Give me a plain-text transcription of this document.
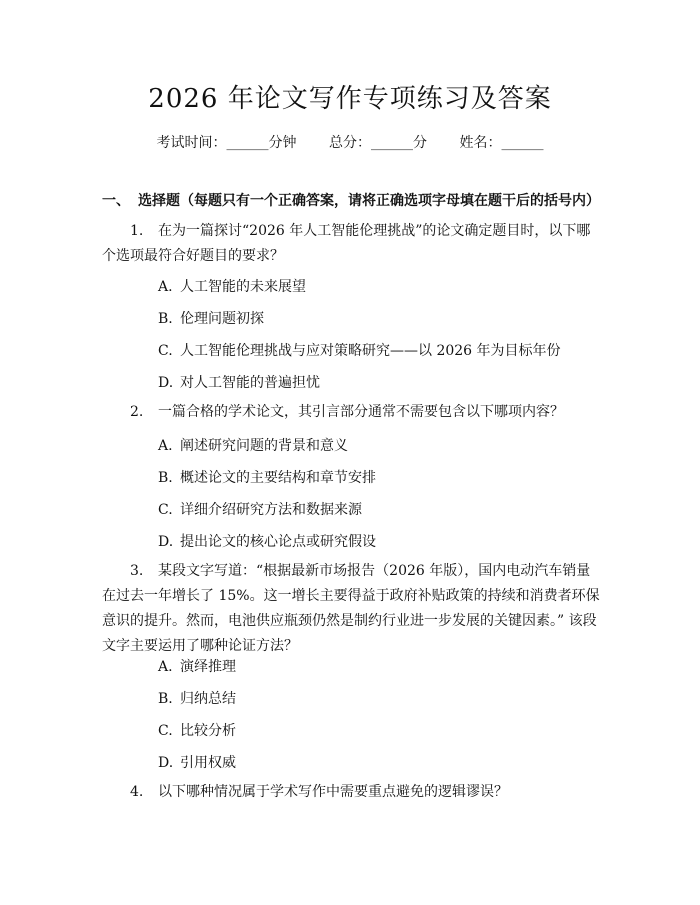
2026 年论文写作专项练习及答案
考试时间：______分钟 总分：______分 姓名：______
一、 选择题（每题只有一个正确答案，请将正确选项字母填在题干后的括号内）
1. 在为一篇探讨“2026 年人工智能伦理挑战”的论文确定题目时，以下哪个选项最符合好题目的要求？
A. 人工智能的未来展望
B. 伦理问题初探
C. 人工智能伦理挑战与应对策略研究——以 2026 年为目标年份
D. 对人工智能的普遍担忧
2. 一篇合格的学术论文，其引言部分通常不需要包含以下哪项内容？
A. 阐述研究问题的背景和意义
B. 概述论文的主要结构和章节安排
C. 详细介绍研究方法和数据来源
D. 提出论文的核心论点或研究假设
3. 某段文字写道：“根据最新市场报告（2026 年版），国内电动汽车销量在过去一年增长了 15%。这一增长主要得益于政府补贴政策的持续和消费者环保意识的提升。然而，电池供应瓶颈仍然是制约行业进一步发展的关键因素。” 该段文字主要运用了哪种论证方法？
A. 演绎推理
B. 归纳总结
C. 比较分析
D. 引用权威
4. 以下哪种情况属于学术写作中需要重点避免的逻辑谬误？
